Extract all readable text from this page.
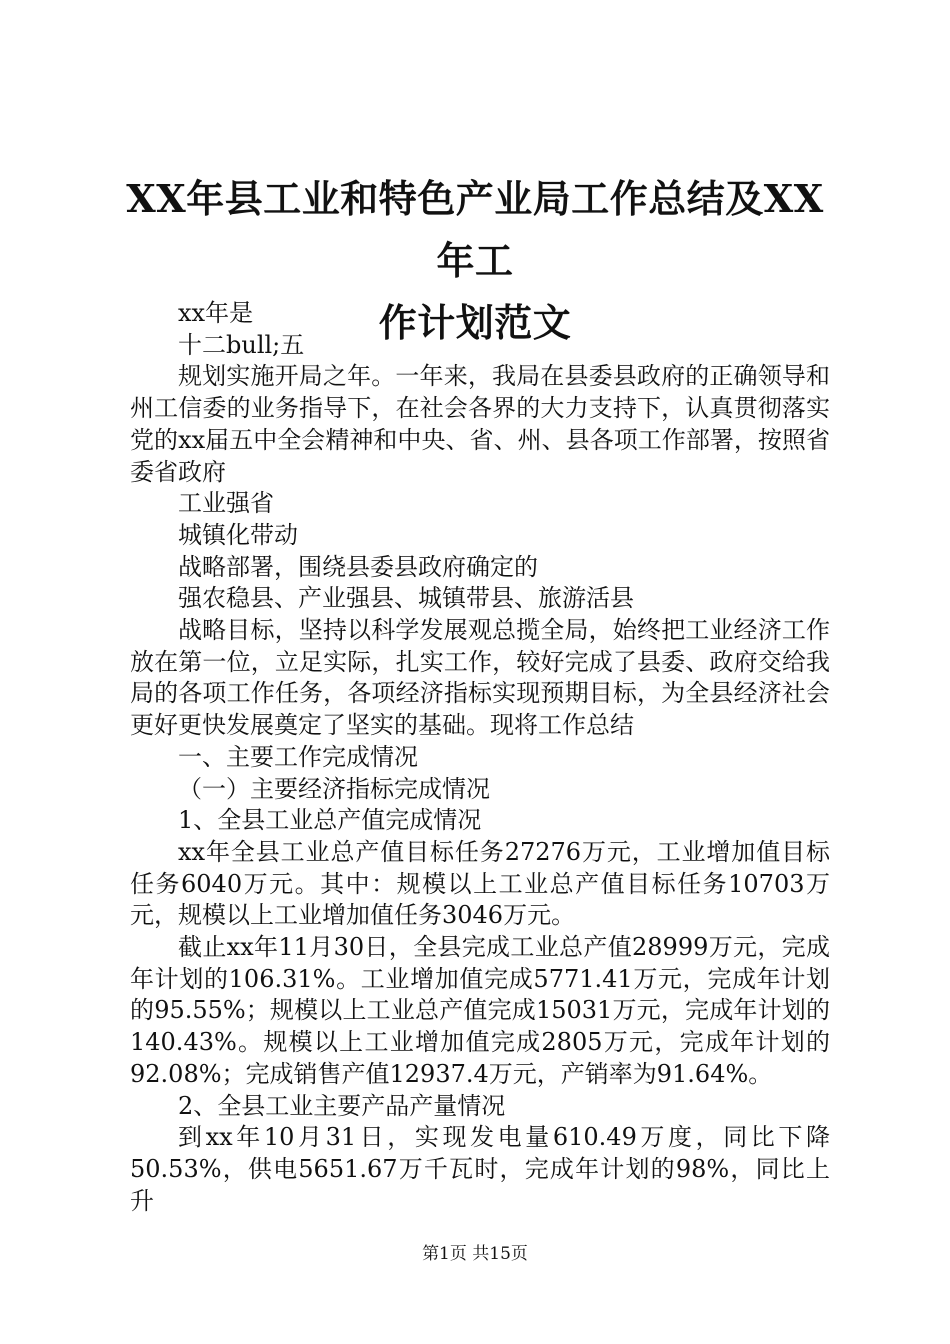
XX年县工业和特色产业局工作总结及XX年工
作计划范文

xx年是

十二bull;五

规划实施开局之年。一年来，我局在县委县政府的正确领导和州工信委的业务指导下，在社会各界的大力支持下，认真贯彻落实党的xx届五中全会精神和中央、省、州、县各项工作部署，按照省委省政府

工业强省

城镇化带动

战略部署，围绕县委县政府确定的

强农稳县、产业强县、城镇带县、旅游活县

战略目标，坚持以科学发展观总揽全局，始终把工业经济工作放在第一位，立足实际，扎实工作，较好完成了县委、政府交给我局的各项工作任务，各项经济指标实现预期目标，为全县经济社会更好更快发展奠定了坚实的基础。现将工作总结

一、主要工作完成情况

（一）主要经济指标完成情况

1、全县工业总产值完成情况

xx年全县工业总产值目标任务27276万元，工业增加值目标任务6040万元。其中：规模以上工业总产值目标任务10703万元，规模以上工业增加值任务3046万元。

截止xx年11月30日，全县完成工业总产值28999万元，完成年计划的106.31%。工业增加值完成5771.41万元，完成年计划的95.55%；规模以上工业总产值完成15031万元，完成年计划的140.43%。规模以上工业增加值完成2805万元，完成年计划的92.08%；完成销售产值12937.4万元，产销率为91.64%。

2、全县工业主要产品产量情况

到xx年10月31日，实现发电量610.49万度，同比下降50.53%，供电5651.67万千瓦时，完成年计划的98%，同比上升

第1页 共15页
